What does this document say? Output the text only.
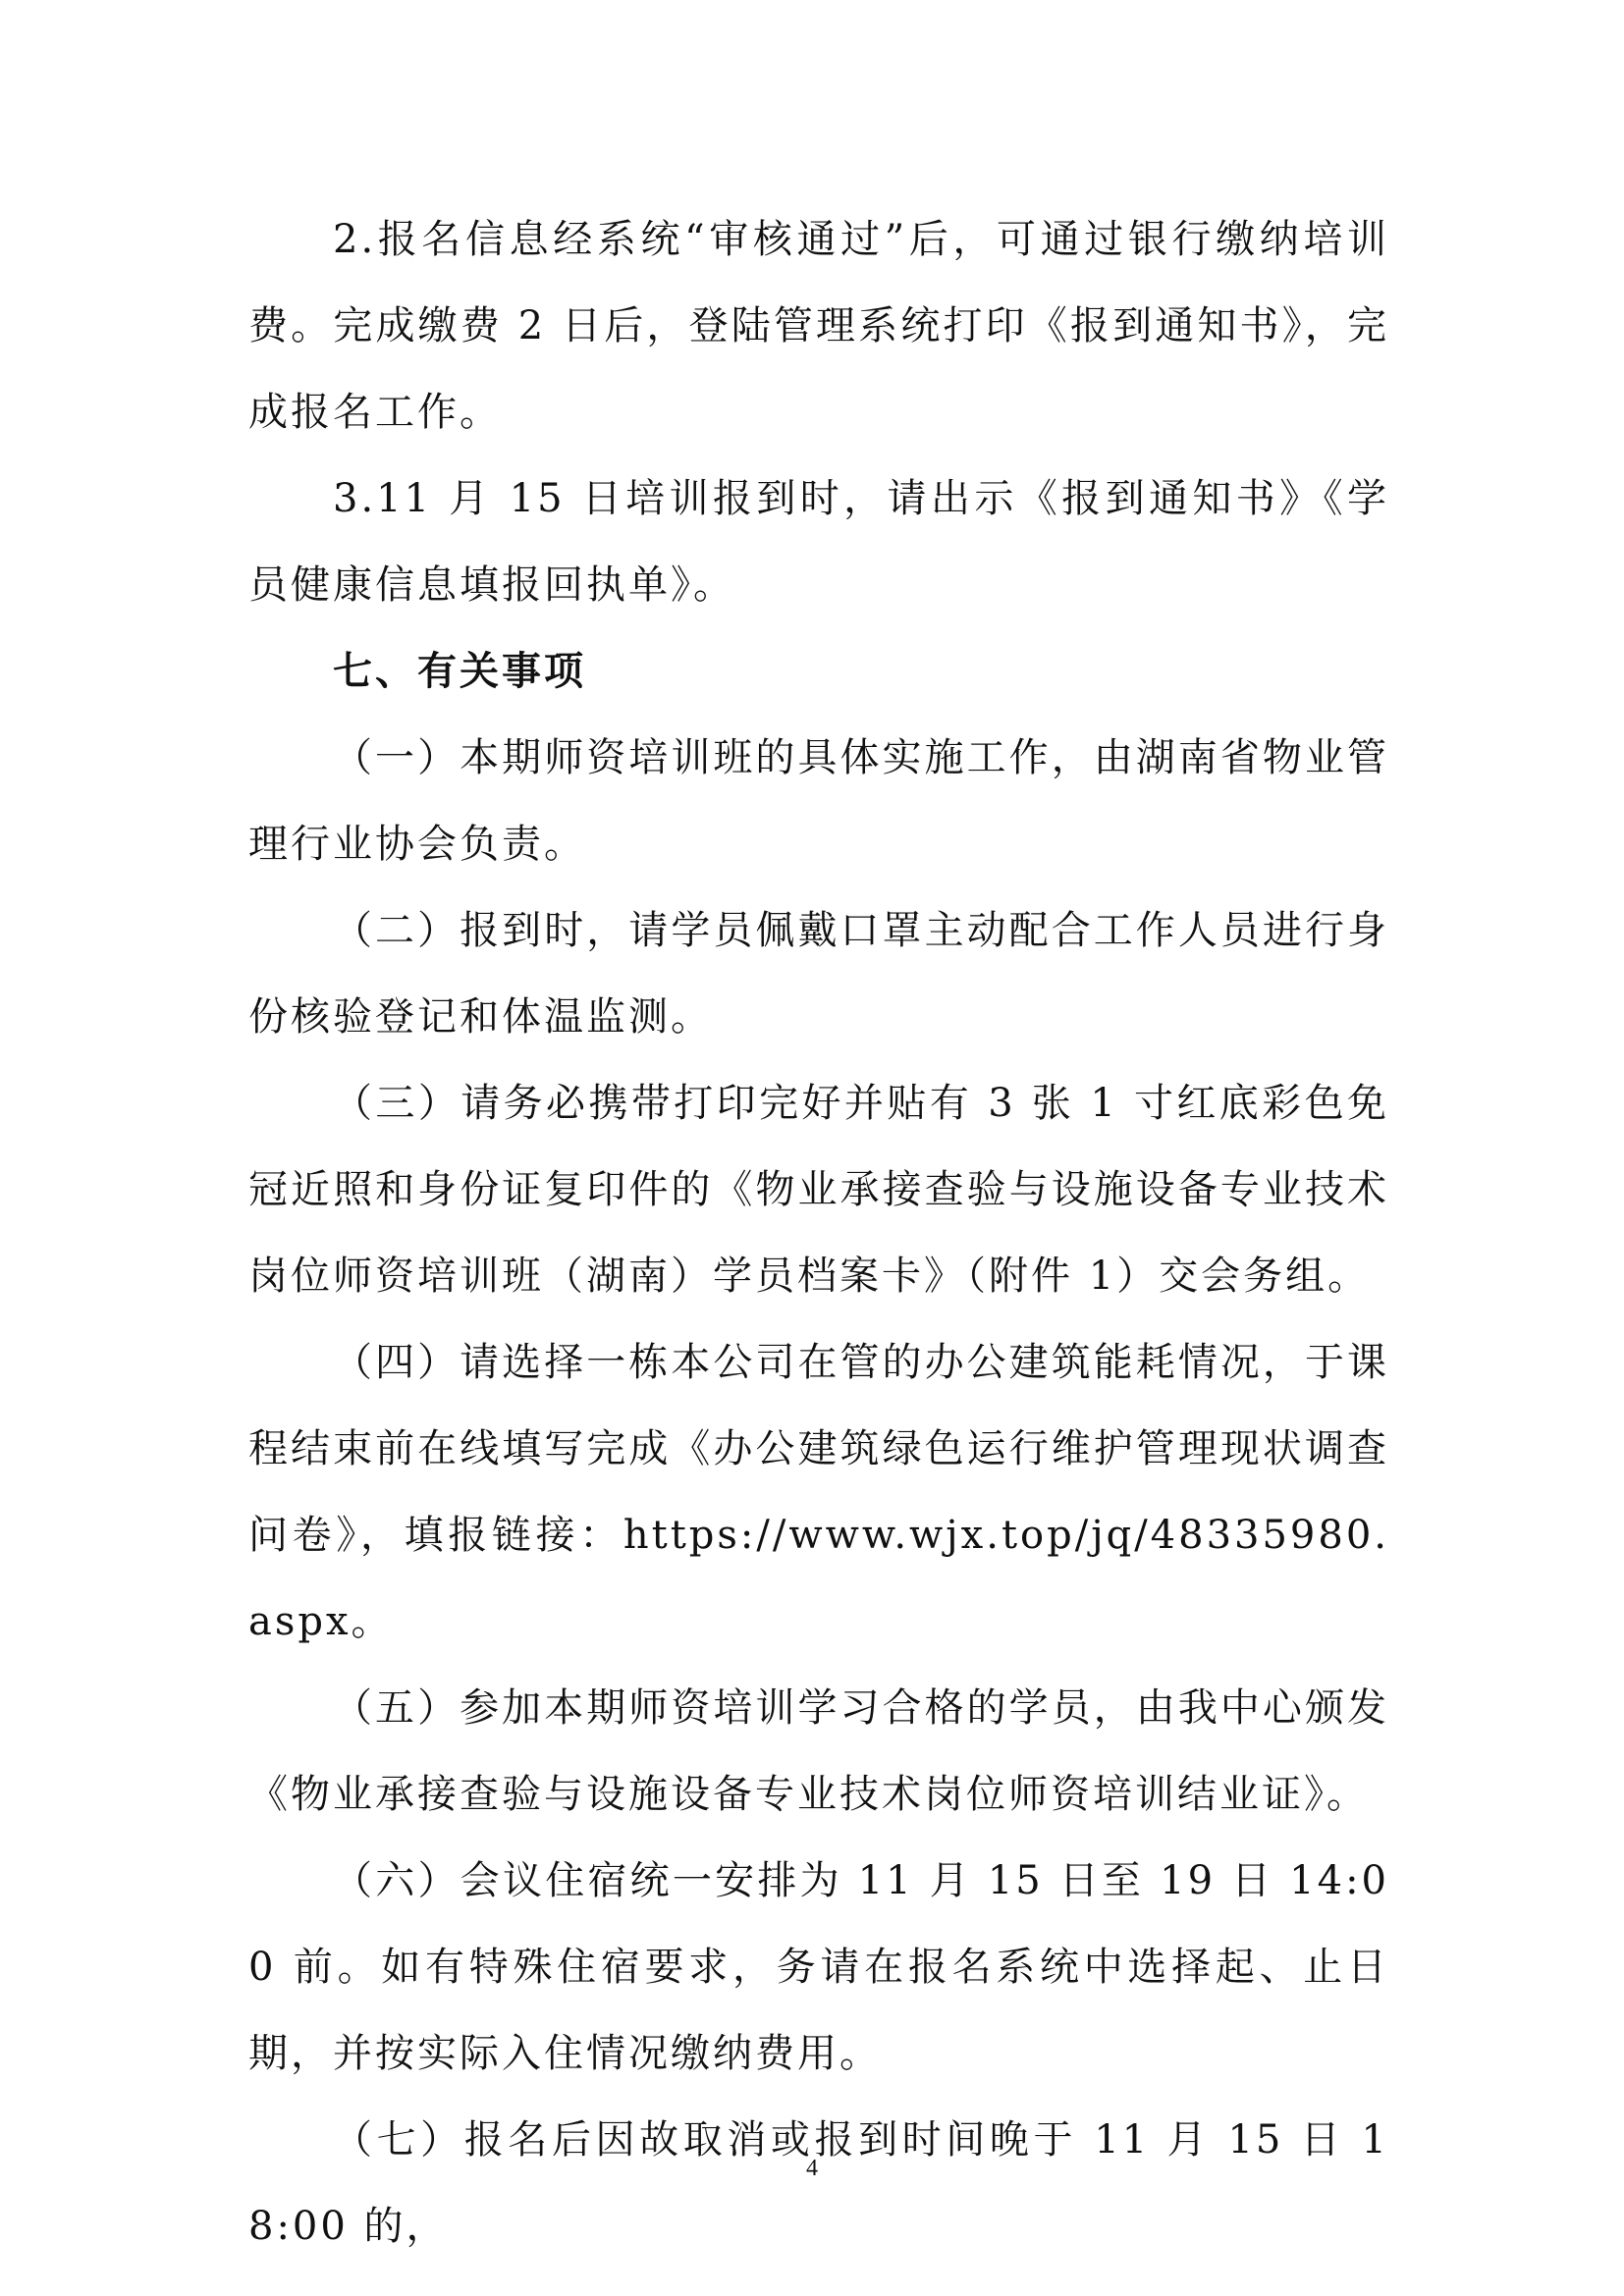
2.报名信息经系统“审核通过”后，可通过银行缴纳培训费。完成缴费 2 日后，登陆管理系统打印《报到通知书》，完成报名工作。

3.11 月 15 日培训报到时，请出示《报到通知书》《学员健康信息填报回执单》。

七、有关事项

（一）本期师资培训班的具体实施工作，由湖南省物业管理行业协会负责。

（二）报到时，请学员佩戴口罩主动配合工作人员进行身份核验登记和体温监测。

（三）请务必携带打印完好并贴有 3 张 1 寸红底彩色免冠近照和身份证复印件的《物业承接查验与设施设备专业技术岗位师资培训班（湖南）学员档案卡》（附件 1）交会务组。

（四）请选择一栋本公司在管的办公建筑能耗情况，于课程结束前在线填写完成《办公建筑绿色运行维护管理现状调查问卷》，填报链接：https://www.wjx.top/jq/48335980.aspx。

（五）参加本期师资培训学习合格的学员，由我中心颁发《物业承接查验与设施设备专业技术岗位师资培训结业证》。

（六）会议住宿统一安排为 11 月 15 日至 19 日 14:00 前。如有特殊住宿要求，务请在报名系统中选择起、止日期，并按实际入住情况缴纳费用。

（七）报名后因故取消或报到时间晚于 11 月 15 日 18:00 的，

4
